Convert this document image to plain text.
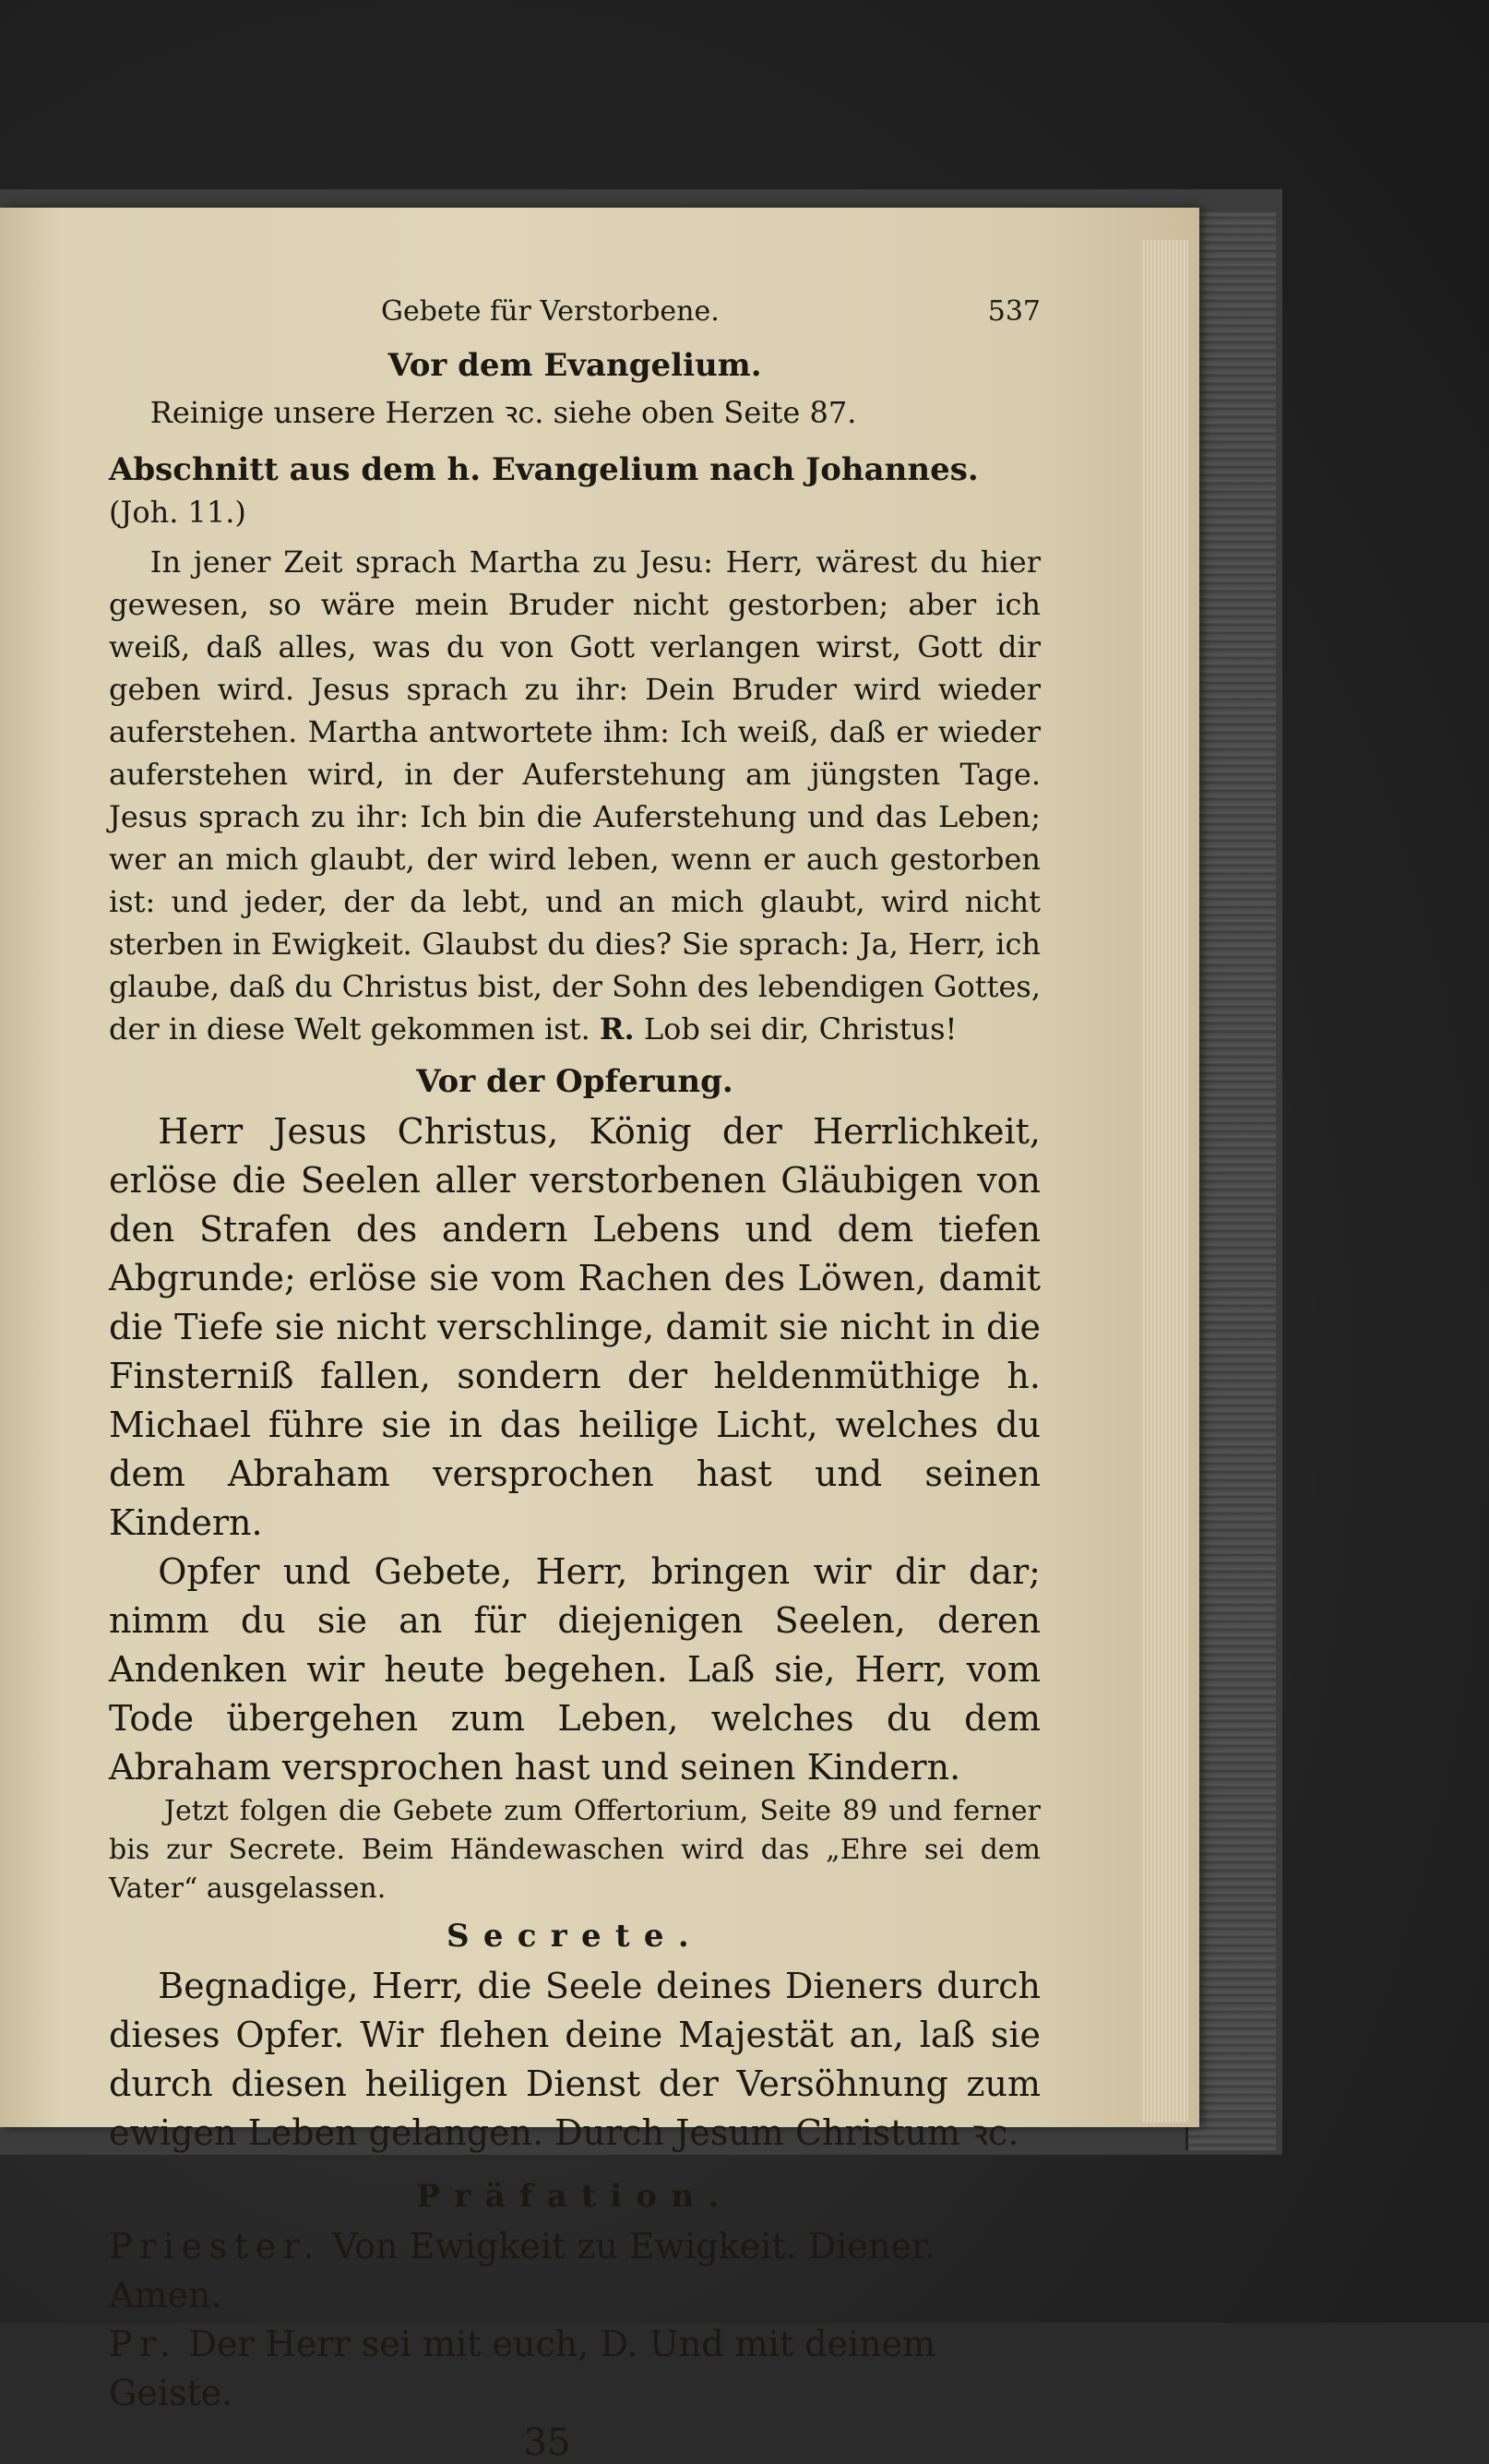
Gebete für Verstorbene.	537
Vor dem Evangelium.

Reinige unsere Herzen ꝛc. siehe oben Seite 87.

Abschnitt aus dem h. Evangelium nach Johannes. (Joh. 11.)

In jener Zeit sprach Martha zu Jesu: Herr, wärest du hier gewesen, so wäre mein Bruder nicht gestorben; aber ich weiß, daß alles, was du von Gott verlangen wirst, Gott dir geben wird. Jesus sprach zu ihr: Dein Bruder wird wieder auferstehen. Martha antwortete ihm: Ich weiß, daß er wieder auferstehen wird, in der Auferstehung am jüngsten Tage. Jesus sprach zu ihr: Ich bin die Auferstehung und das Leben; wer an mich glaubt, der wird leben, wenn er auch gestorben ist: und jeder, der da lebt, und an mich glaubt, wird nicht sterben in Ewigkeit. Glaubst du dies? Sie sprach: Ja, Herr, ich glaube, daß du Christus bist, der Sohn des lebendigen Gottes, der in diese Welt gekommen ist. R. Lob sei dir, Christus!

Vor der Opferung.

Herr Jesus Christus, König der Herrlichkeit, erlöse die Seelen aller verstorbenen Gläubigen von den Strafen des andern Lebens und dem tiefen Abgrunde; erlöse sie vom Rachen des Löwen, damit die Tiefe sie nicht verschlinge, damit sie nicht in die Finsterniß fallen, sondern der heldenmüthige h. Michael führe sie in das heilige Licht, welches du dem Abraham versprochen hast und seinen Kindern.

Opfer und Gebete, Herr, bringen wir dir dar; nimm du sie an für diejenigen Seelen, deren Andenken wir heute begehen. Laß sie, Herr, vom Tode übergehen zum Leben, welches du dem Abraham versprochen hast und seinen Kindern.

Jetzt folgen die Gebete zum Offertorium, Seite 89 und ferner bis zur Secrete. Beim Händewaschen wird das „Ehre sei dem Vater“ ausgelassen.

Secrete.

Begnadige, Herr, die Seele deines Dieners durch dieses Opfer. Wir flehen deine Majestät an, laß sie durch diesen heiligen Dienst der Versöhnung zum ewigen Leben gelangen. Durch Jesum Christum ꝛc.

Präfation.

Priester. Von Ewigkeit zu Ewigkeit. Diener. Amen.

Pr. Der Herr sei mit euch, D. Und mit deinem Geiste.

35
